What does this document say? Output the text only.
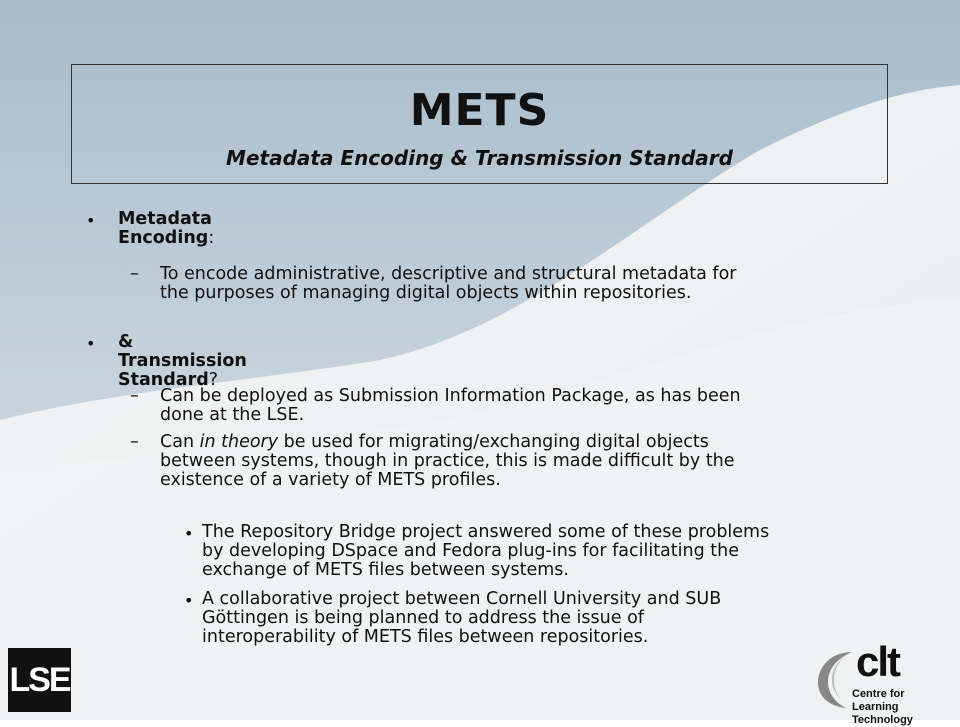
METS
Metadata Encoding & Transmission Standard
• Metadata Encoding:
– To encode administrative, descriptive and structural metadata for
the purposes of managing digital objects within repositories.
• & Transmission Standard?
– Can be deployed as Submission Information Package, as has been
done at the LSE.
– Can in theory be used for migrating/exchanging digital objects
between systems, though in practice, this is made difficult by the
existence of a variety of METS profiles.
• The Repository Bridge project answered some of these problems
by developing DSpace and Fedora plug-ins for facilitating the
exchange of METS files between systems.
• A collaborative project between Cornell University and SUB
Göttingen is being planned to address the issue of
interoperability of METS files between repositories.
LSE	clt
Centre for
Learning Technology
